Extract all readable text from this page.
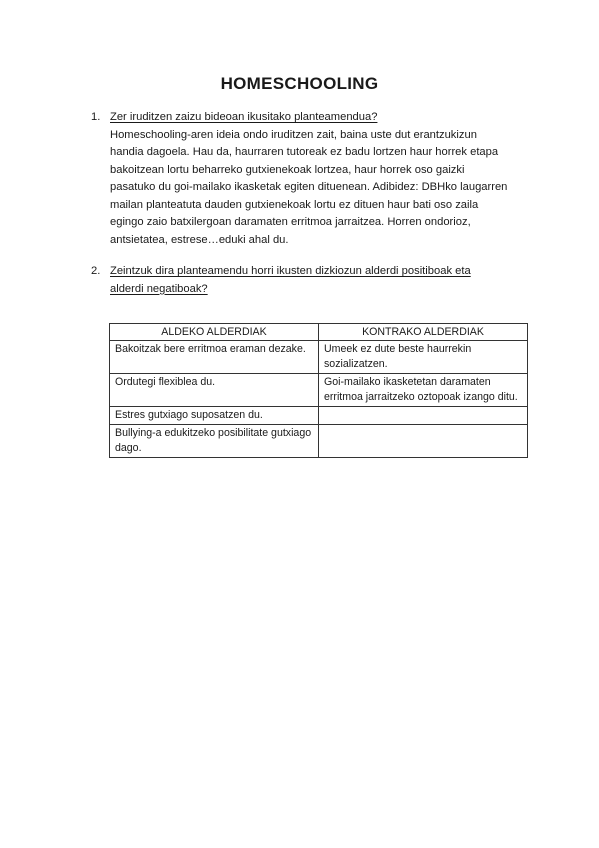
HOMESCHOOLING
1. Zer iruditzen zaizu bideoan ikusitako planteamendua?

Homeschooling-aren ideia ondo iruditzen zait, baina uste dut erantzukizun

handia dagoela. Hau da, haurraren tutoreak ez badu lortzen haur horrek etapa

bakoitzean lortu beharreko gutxienekoak lortzea, haur horrek oso gaizki

pasatuko du goi-mailako ikasketak egiten dituenean. Adibidez: DBHko laugarren

mailan planteatuta dauden gutxienekoak lortu ez dituen haur bati oso zaila

egingo zaio batxilergoan daramaten erritmoa jarraitzea. Horren ondorioz,

antsietatea, estrese…eduki ahal du.

2. Zeintzuk dira planteamendu horri ikusten dizkiozun alderdi positiboak eta
alderdi negatiboak?
ALDEKO ALDERDIAK	KONTRAKO ALDERDIAK
Bakoitzak bere erritmoa eraman dezake.	Umeek ez dute beste haurrekin sozializatzen.
Ordutegi flexiblea du.	Goi-mailako ikasketetan daramaten erritmoa jarraitzeko oztopoak izango ditu.
Estres gutxiago suposatzen du.	
Bullying-a edukitzeko posibilitate gutxiago dago.	
